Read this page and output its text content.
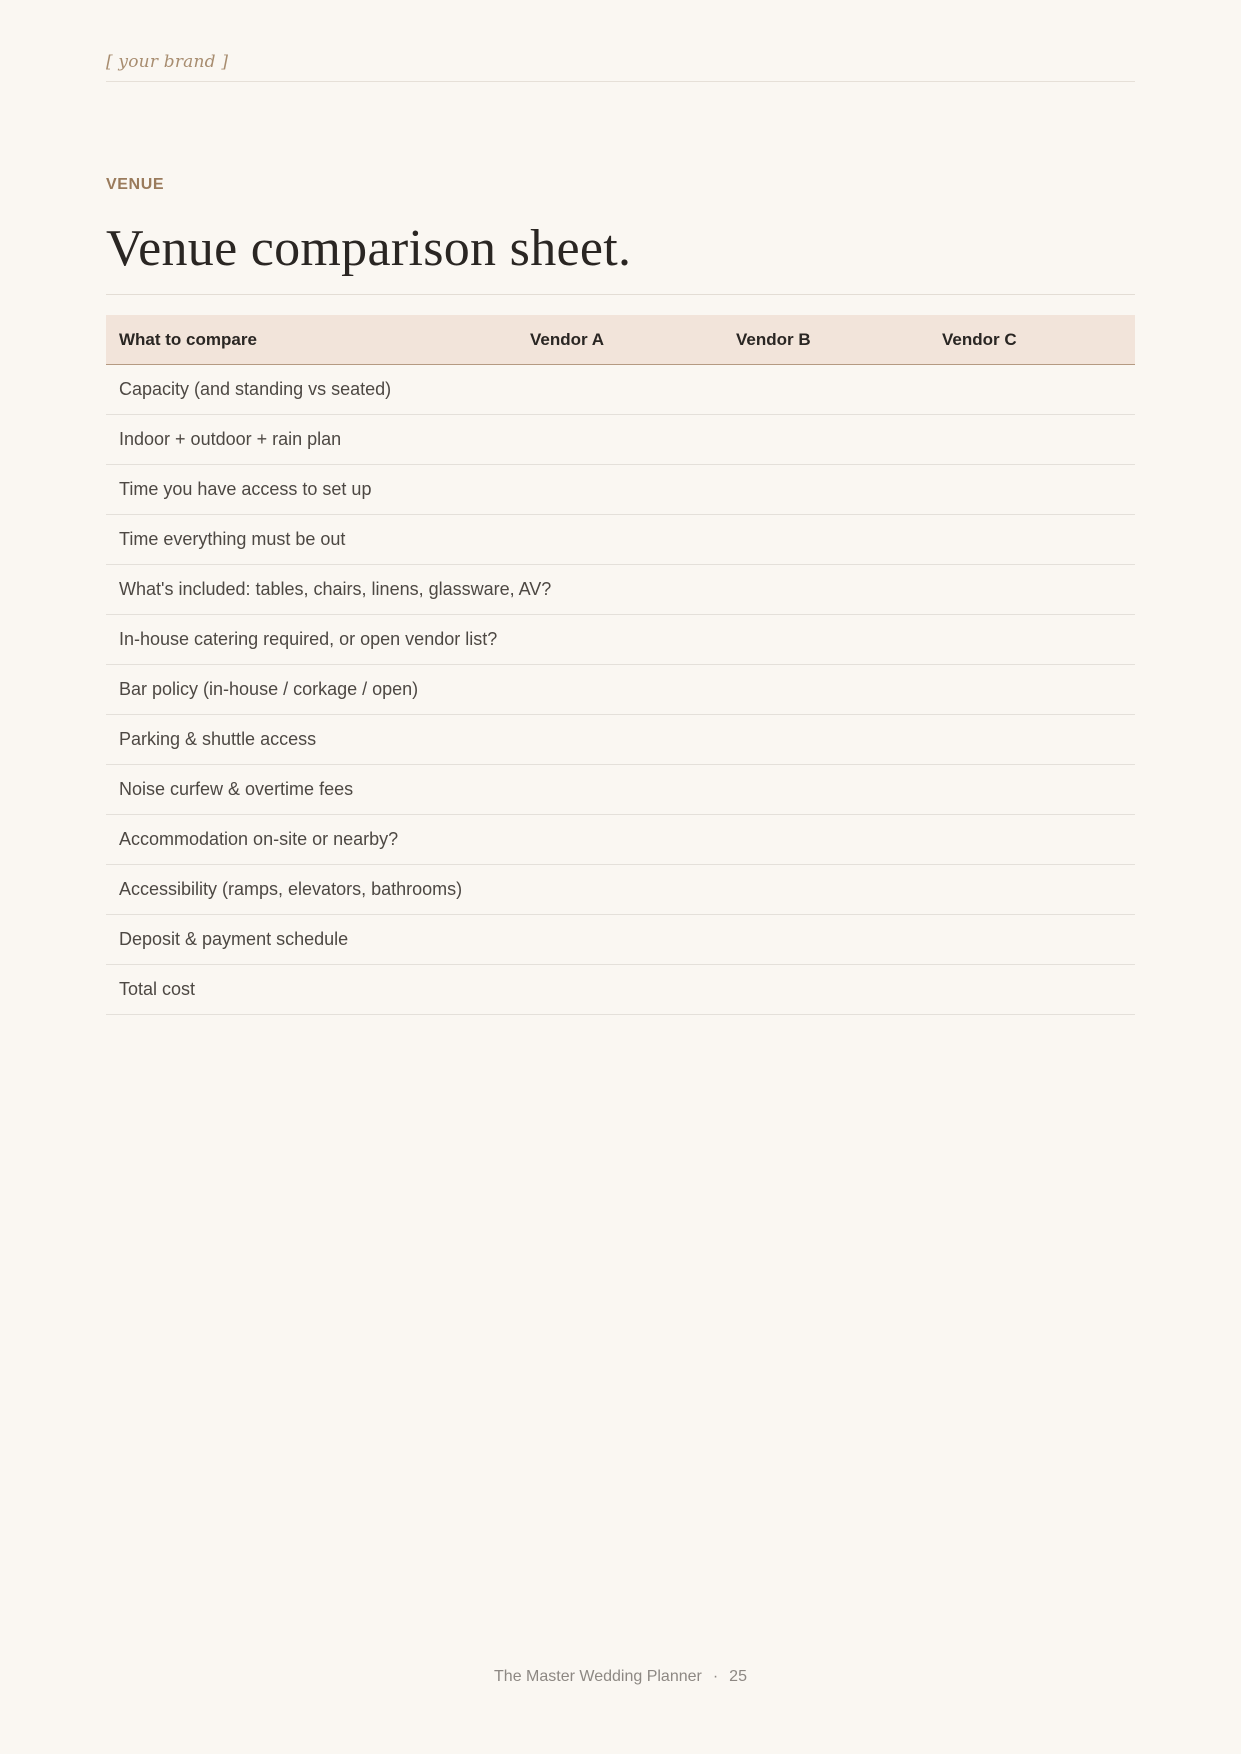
[ your brand ]
VENUE
Venue comparison sheet.
What to compare	Vendor A	Vendor B	Vendor C
Capacity (and standing vs seated)
Indoor + outdoor + rain plan
Time you have access to set up
Time everything must be out
What's included: tables, chairs, linens, glassware, AV?
In-house catering required, or open vendor list?
Bar policy (in-house / corkage / open)
Parking & shuttle access
Noise curfew & overtime fees
Accommodation on-site or nearby?
Accessibility (ramps, elevators, bathrooms)
Deposit & payment schedule
Total cost
The Master Wedding Planner · 25
